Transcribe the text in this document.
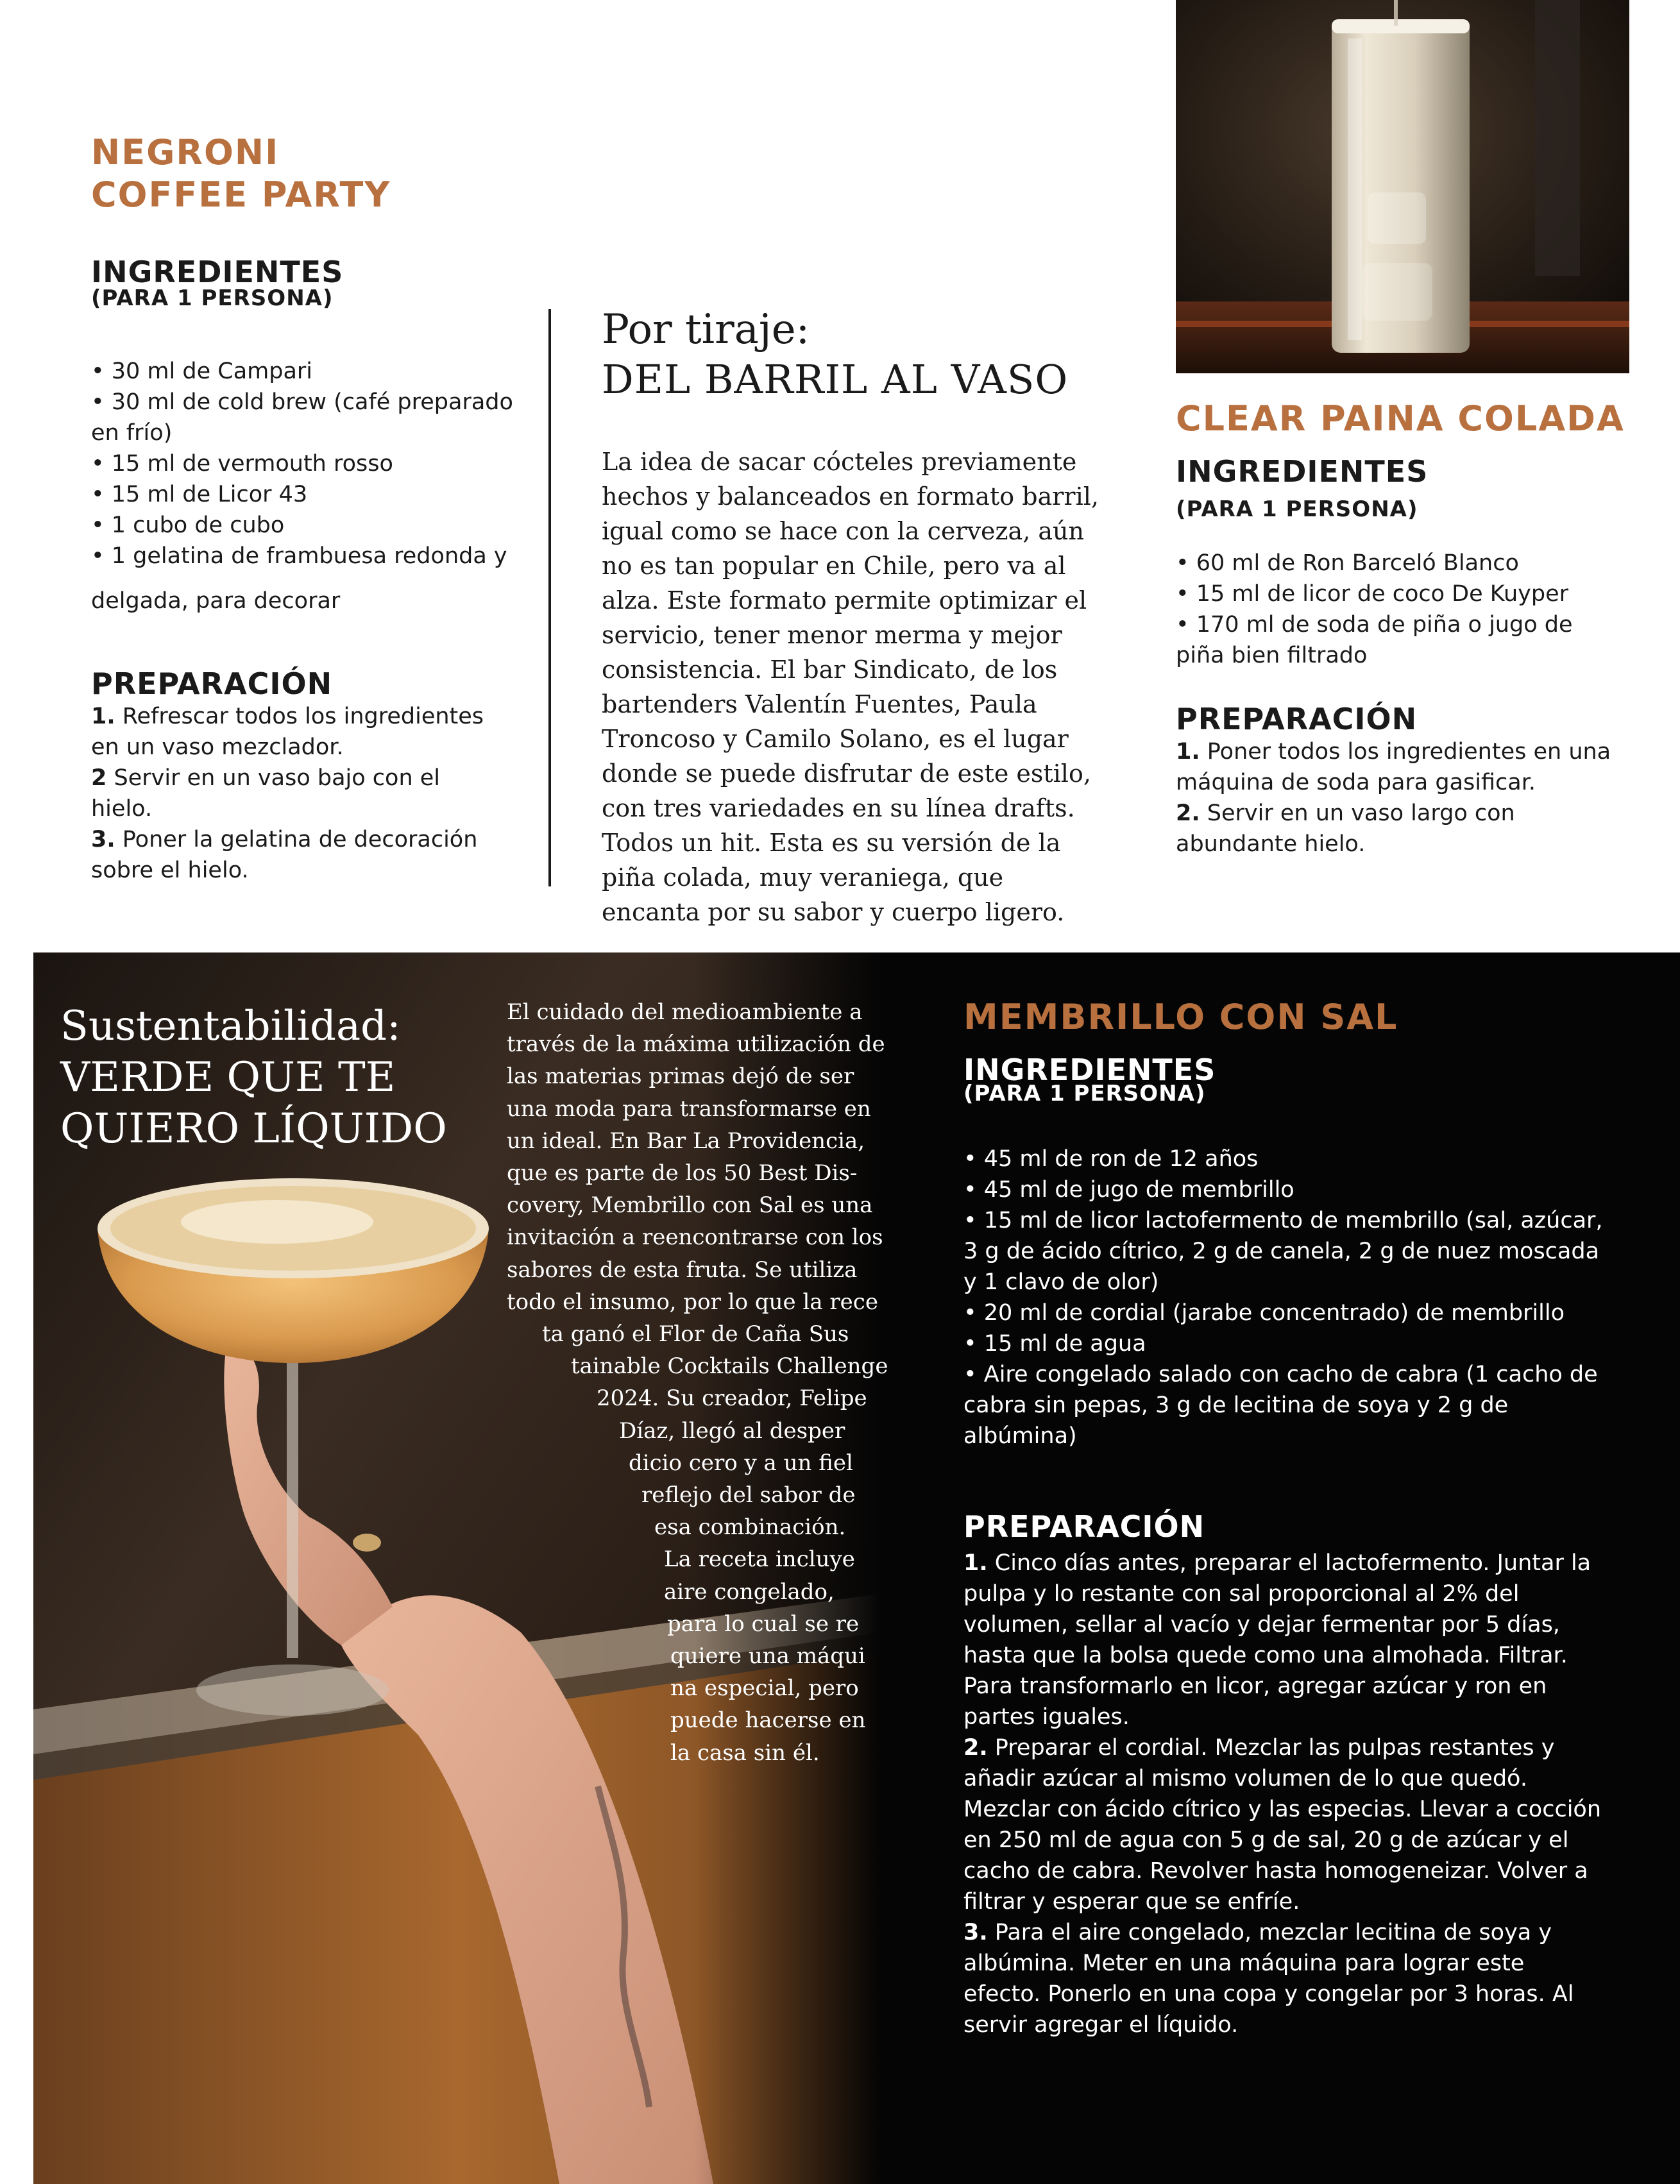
NEGRONI
COFFEE PARTY
INGREDIENTES
(PARA 1 PERSONA)
• 30 ml de Campari
• 30 ml de cold brew (café preparado en frío)
• 15 ml de vermouth rosso
• 15 ml de Licor 43
• 1 cubo de cubo
• 1 gelatina de frambuesa redonda y
delgada, para decorar
PREPARACIÓN
1. Refrescar todos los ingredientes en un vaso mezclador.
2 Servir en un vaso bajo con el hielo.
3. Poner la gelatina de decoración sobre el hielo.
Por tiraje:
DEL BARRIL AL VASO
La idea de sacar cócteles previamente hechos y balanceados en formato barril, igual como se hace con la cerveza, aún no es tan popular en Chile, pero va al alza. Este formato permite optimizar el servicio, tener menor merma y mejor consistencia. El bar Sindicato, de los bartenders Valentín Fuentes, Paula Troncoso y Camilo Solano, es el lugar donde se puede disfrutar de este estilo, con tres variedades en su línea drafts. Todos un hit. Esta es su versión de la piña colada, muy veraniega, que encanta por su sabor y cuerpo ligero.
CLEAR PAINA COLADA
INGREDIENTES
(PARA 1 PERSONA)
• 60 ml de Ron Barceló Blanco
• 15 ml de licor de coco De Kuyper
• 170 ml de soda de piña o jugo de piña bien filtrado
PREPARACIÓN
1. Poner todos los ingredientes en una máquina de soda para gasificar.
2. Servir en un vaso largo con abundante hielo.
Sustentabilidad:
VERDE QUE TE
QUIERO LÍQUIDO
El cuidado del medioambiente a
través de la máxima utilización de
las materias primas dejó de ser
una moda para transformarse en
un ideal. En Bar La Providencia,
que es parte de los 50 Best Dis-
covery, Membrillo con Sal es una
invitación a reencontrarse con los
sabores de esta fruta. Se utiliza
todo el insumo, por lo que la rece
ta ganó el Flor de Caña Sus
tainable Cocktails Challenge
2024. Su creador, Felipe
Díaz, llegó al desper
dicio cero y a un fiel
reflejo del sabor de
esa combinación.
La receta incluye
aire congelado,
para lo cual se re
quiere una máqui
na especial, pero
puede hacerse en
la casa sin él.
MEMBRILLO CON SAL
INGREDIENTES
(PARA 1 PERSONA)
• 45 ml de ron de 12 años
• 45 ml de jugo de membrillo
• 15 ml de licor lactofermento de membrillo (sal, azúcar, 3 g de ácido cítrico, 2 g de canela, 2 g de nuez moscada y 1 clavo de olor)
• 20 ml de cordial (jarabe concentrado) de membrillo
• 15 ml de agua
• Aire congelado salado con cacho de cabra (1 cacho de cabra sin pepas, 3 g de lecitina de soya y 2 g de albúmina)
PREPARACIÓN
1. Cinco días antes, preparar el lactofermento. Juntar la pulpa y lo restante con sal proporcional al 2% del volumen, sellar al vacío y dejar fermentar por 5 días, hasta que la bolsa quede como una almohada. Filtrar. Para transformarlo en licor, agregar azúcar y ron en partes iguales.
2. Preparar el cordial. Mezclar las pulpas restantes y añadir azúcar al mismo volumen de lo que quedó. Mezclar con ácido cítrico y las especias. Llevar a cocción en 250 ml de agua con 5 g de sal, 20 g de azúcar y el cacho de cabra. Revolver hasta homogeneizar. Volver a filtrar y esperar que se enfríe.
3. Para el aire congelado, mezclar lecitina de soya y albúmina. Meter en una máquina para lograr este efecto. Ponerlo en una copa y congelar por 3 horas. Al servir agregar el líquido.
